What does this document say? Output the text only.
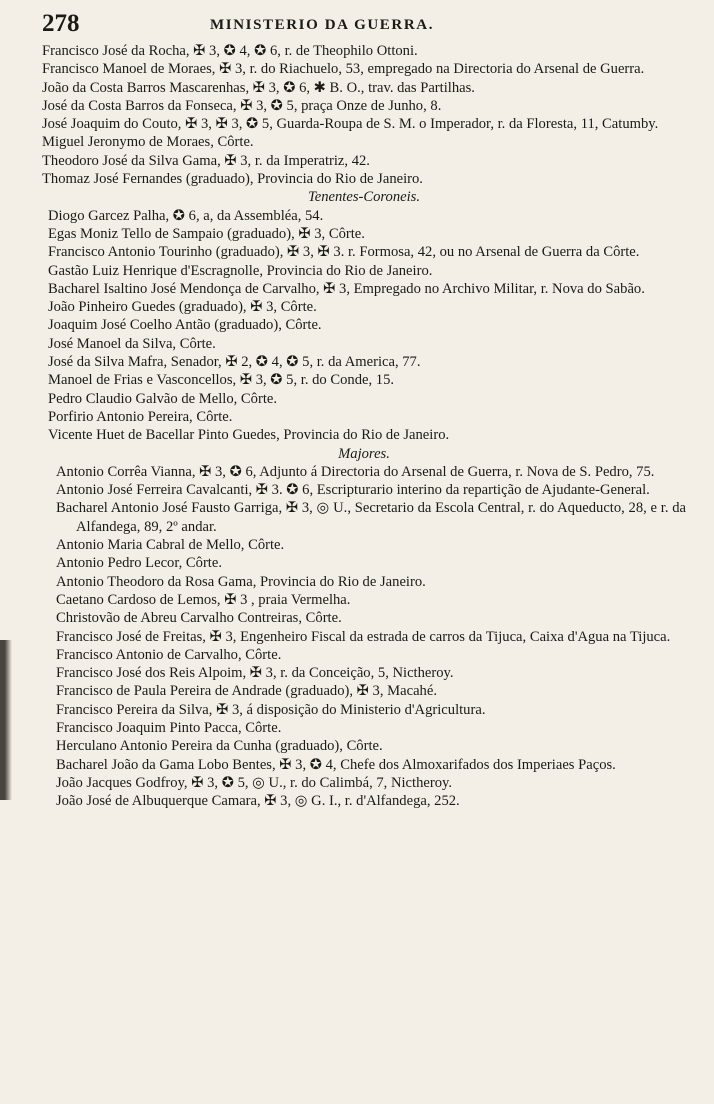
278	MINISTERIO DA GUERRA.
Francisco José da Rocha, ✠ 3, ✪ 4, ✪ 6, r. de Theophilo Ottoni.
Francisco Manoel de Moraes, ✠ 3, r. do Riachuelo, 53, empregado na Directoria do Arsenal de Guerra.
João da Costa Barros Mascarenhas, ✠ 3, ✪ 6, ✱ B. O., trav. das Partilhas.
José da Costa Barros da Fonseca, ✠ 3, ✪ 5, praça Onze de Junho, 8.
José Joaquim do Couto, ✠ 3, ✠ 3, ✪ 5, Guarda-Roupa de S. M. o Imperador, r. da Floresta, 11, Catumby.
Miguel Jeronymo de Moraes, Côrte.
Theodoro José da Silva Gama, ✠ 3, r. da Imperatriz, 42.
Thomaz José Fernandes (graduado), Provincia do Rio de Janeiro.
Tenentes-Coroneis.
Diogo Garcez Palha, ✪ 6, a, da Assembléa, 54.
Egas Moniz Tello de Sampaio (graduado), ✠ 3, Côrte.
Francisco Antonio Tourinho (graduado), ✠ 3, ✠ 3. r. Formosa, 42, ou no Arsenal de Guerra da Côrte.
Gastão Luiz Henrique d'Escragnolle, Provincia do Rio de Janeiro.
Bacharel Isaltino José Mendonça de Carvalho, ✠ 3, Empregado no Archivo Militar, r. Nova do Sabão.
João Pinheiro Guedes (graduado), ✠ 3, Côrte.
Joaquim José Coelho Antão (graduado), Côrte.
José Manoel da Silva, Côrte.
José da Silva Mafra, Senador, ✠ 2, ✪ 4, ✪ 5, r. da America, 77.
Manoel de Frias e Vasconcellos, ✠ 3, ✪ 5, r. do Conde, 15.
Pedro Claudio Galvão de Mello, Côrte.
Porfirio Antonio Pereira, Côrte.
Vicente Huet de Bacellar Pinto Guedes, Provincia do Rio de Janeiro.
Majores.
Antonio Corrêa Vianna, ✠ 3, ✪ 6, Adjunto á Directoria do Arsenal de Guerra, r. Nova de S. Pedro, 75.
Antonio José Ferreira Cavalcanti, ✠ 3. ✪ 6, Escripturario interino da repartição de Ajudante-General.
Bacharel Antonio José Fausto Garriga, ✠ 3, ◎ U., Secretario da Escola Central, r. do Aqueducto, 28, e r. da Alfandega, 89, 2º andar.
Antonio Maria Cabral de Mello, Côrte.
Antonio Pedro Lecor, Côrte.
Antonio Theodoro da Rosa Gama, Provincia do Rio de Janeiro.
Caetano Cardoso de Lemos, ✠ 3 , praia Vermelha.
Christovão de Abreu Carvalho Contreiras, Côrte.
Francisco José de Freitas, ✠ 3, Engenheiro Fiscal da estrada de carros da Tijuca, Caixa d'Agua na Tijuca.
Francisco Antonio de Carvalho, Côrte.
Francisco José dos Reis Alpoim, ✠ 3, r. da Conceição, 5, Nictheroy.
Francisco de Paula Pereira de Andrade (graduado), ✠ 3, Macahé.
Francisco Pereira da Silva, ✠ 3, á disposição do Ministerio d'Agricultura.
Francisco Joaquim Pinto Pacca, Côrte.
Herculano Antonio Pereira da Cunha (graduado), Côrte.
Bacharel João da Gama Lobo Bentes, ✠ 3, ✪ 4, Chefe dos Almoxarifados dos Imperiaes Paços.
João Jacques Godfroy, ✠ 3, ✪ 5, ◎ U., r. do Calimbá, 7, Nictheroy.
João José de Albuquerque Camara, ✠ 3, ◎ G. I., r. d'Alfandega, 252.
